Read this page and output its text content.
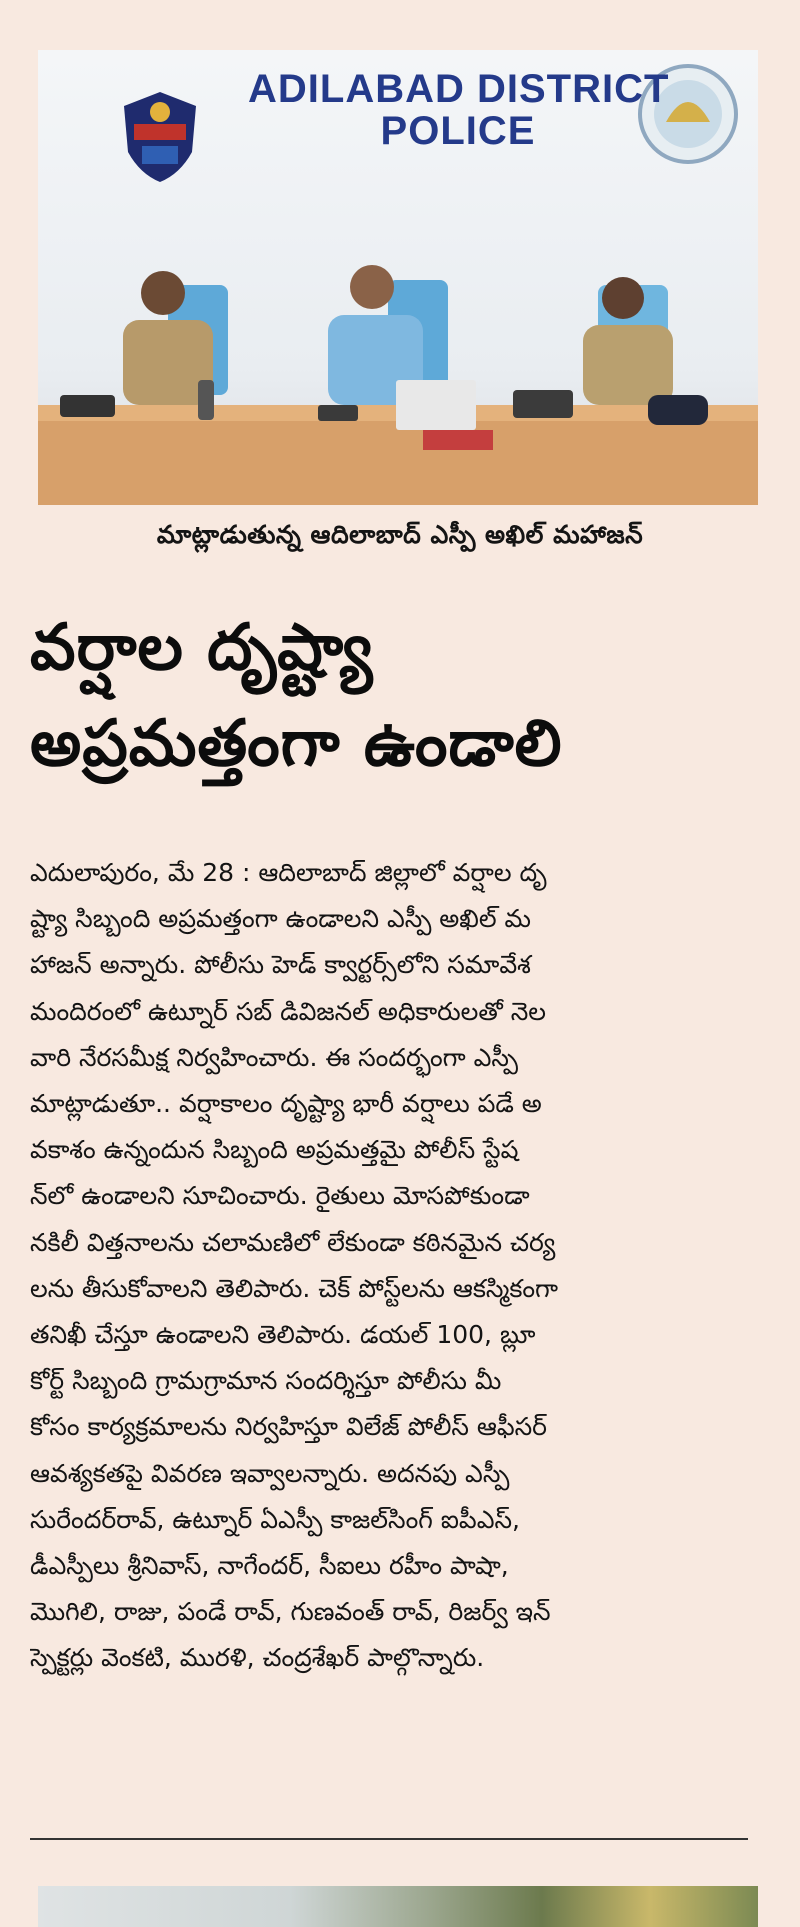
ADILABAD DISTRICT
POLICE
మాట్లాడుతున్న ఆదిలాబాద్ ఎస్పీ అఖిల్ మహాజన్
వర్షాల దృష్ట్యా
అప్రమత్తంగా ఉండాలి
ఎదులాపురం, మే 28 : ఆదిలాబాద్ జిల్లాలో వర్షాల దృ
ష్ట్యా సిబ్బంది అప్రమత్తంగా ఉండాలని ఎస్పీ అఖిల్ మ
హాజన్ అన్నారు. పోలీసు హెడ్ క్వార్టర్స్‌లోని సమావేశ
మందిరంలో ఉట్నూర్ సబ్ డివిజనల్ అధికారులతో నెల
వారి నేరసమీక్ష నిర్వహించారు. ఈ సందర్భంగా ఎస్పీ
మాట్లాడుతూ.. వర్షాకాలం దృష్ట్యా భారీ వర్షాలు పడే అ
వకాశం ఉన్నందున సిబ్బంది అప్రమత్తమై పోలీస్ స్టేష
న్‌లో ఉండాలని సూచించారు. రైతులు మోసపోకుండా
నకిలీ విత్తనాలను చలామణిలో లేకుండా కఠినమైన చర్య
లను తీసుకోవాలని తెలిపారు. చెక్ పోస్ట్‌లను ఆకస్మికంగా
తనిఖీ చేస్తూ ఉండాలని తెలిపారు. డయల్ 100, బ్లూ
కోర్ట్ సిబ్బంది గ్రామగ్రామాన సందర్శిస్తూ పోలీసు మీ
కోసం కార్యక్రమాలను నిర్వహిస్తూ విలేజ్ పోలీస్ ఆఫీసర్
ఆవశ్యకతపై వివరణ ఇవ్వాలన్నారు. అదనపు ఎస్పీ
సురేందర్‌రావ్, ఉట్నూర్ ఏఎస్పీ కాజల్‌సింగ్ ఐపీఎస్,
డీఎస్పీలు శ్రీనివాస్, నాగేందర్, సీఐలు రహీం పాషా,
మొగిలి, రాజు, పండే రావ్, గుణవంత్ రావ్, రిజర్వ్ ఇన్
స్పెక్టర్లు వెంకటి, మురళి, చంద్రశేఖర్ పాల్గొన్నారు.
